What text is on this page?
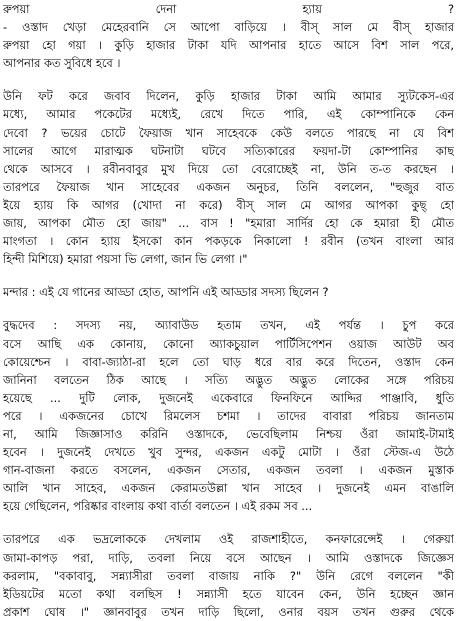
রুপয়া দেনা হ্যায় ?
- ওস্তাদ খেড়া মেহেরবানি সে আপো বাড়িয়ে । বীস্‌ সাল মে বীস্‌ হাজার
রুপয়া হো গয়া । কুড়ি হাজার টাকা যদি আপনার হাতে আসে বিশ সাল পরে,
আপনার কত সুবিধে হবে ।
উনি ফট করে জবাব দিলেন, কুড়ি হাজার টাকা আমি আমার স্যুটকেস-এর
মধ্যে, আমার পকেটের মধ্যেই, রেখে দিতে পারি, এই কোম্পানিকে কেন
দেবো ? ভয়ের চোটে ফৈয়াজ খান সাহেবকে কেউ বলতে পারছে না যে বিশ
সালের আগে মারাত্মক ঘটনাটা ঘটবে সত্যিকারের ফয়দা-টা কোম্পানির কাছ
থেকে আসবে । রবীনবাবুর মুখ দিয়ে তো বেরোচ্ছেই না, উনি ত-ত করছেন ।
তারপরে ফৈয়াজ খান সাহেবের একজন অনুচর, তিনি বললেন, "হুজুর বাত
ইয়ে হ্যায় কি আগর (খোদা না করে) বীস্‌ সাল মে আগর আপকা কুছ্‌ হো
জায়, আপকা মৌত হো জায়" ... বাস ! "হমারা সার্দির হো কে হমারা হী মৌত
মাংগতা । কোন হ্যায় ইসকো কান পকড়কে নিকালো ! রবীন (তখন বাংলা আর
হিন্দী মিশিয়ে) হমারা পয়সা ভি লেগা, জান ভি লেগা ।"
মন্দার : এই যে গানের আড্ডা হোত, আপনি এই আড্ডার সদস্য ছিলেন ?
বুদ্ধদেব : সদস্য নয়, অ্যাবাউড হতাম তখন, এই পর্যন্ত । চুপ করে
বসে আছি এক কোনায়, কোনো অ্যাকচুয়াল পার্টিসিপেশন ওয়াজ আউট অব
কোয়েশ্চেন । বাবা-জ্যাঠা-রা হলে তো ঘাড় ধরে বার করে দিতেন, ওস্তাদ কেন
জানিনা বলতেন ঠিক আছে । সত্যি অদ্ভুত অদ্ভুত লোকের সঙ্গে পরিচয়
হয়েছে ... দুটি লোক, দুজনেই একেবারে ফিনফিনে আদ্দির পাঞ্জাবি, ধুতি
পরে । একজনের চোখে রিমলেস চশমা । তাদের বাবারা পরিচয় জানতাম
না, আমি জিজ্ঞাসাও করিনি ওস্তাদকে, ভেবেছিলাম নিশ্চয় ওঁরা জামাই-টামাই
হবেন । দুজনেই দেখতে খুব সুন্দর, একজন একটু মোটা । ওঁরা স্টেজ-এ উঠে
গান-বাজনা করতে বসলেন, একজন সেতার, একজন তবলা । একজন মুস্তাক
আলি খান সাহেব, একজন কেরামতউল্লা খান সাহেব । দুজনেই এমন বাঙালি
হয়ে গেছিলেন, পরিষ্কার বাংলায় কথা বার্তা বলতেন । এই রকম সব ...
তারপরে এক ভদ্রলোককে দেখলাম ওই রাজশাহীতে, কনফারেন্সেই । গেরুয়া
জামা-কাপড় পরা, দাড়ি, তবলা নিয়ে বসে আছেন । আমি ওস্তাদকে জিজ্ঞেস
করলাম, "বকাবাবু, সন্ন্যাসীরা তবলা বাজায় নাকি ?" উনি রেগে বললেন "কী
ইডিয়টের মতো কথা বলছিস ! সন্ন্যাসী হতে যাবেন কেন, উনি হচ্ছেন জ্ঞান
প্রকাশ ঘোষ ।" জ্ঞানবাবুর তখন দাড়ি ছিলো, ওনার বয়স তখন গুরুর থেকে
